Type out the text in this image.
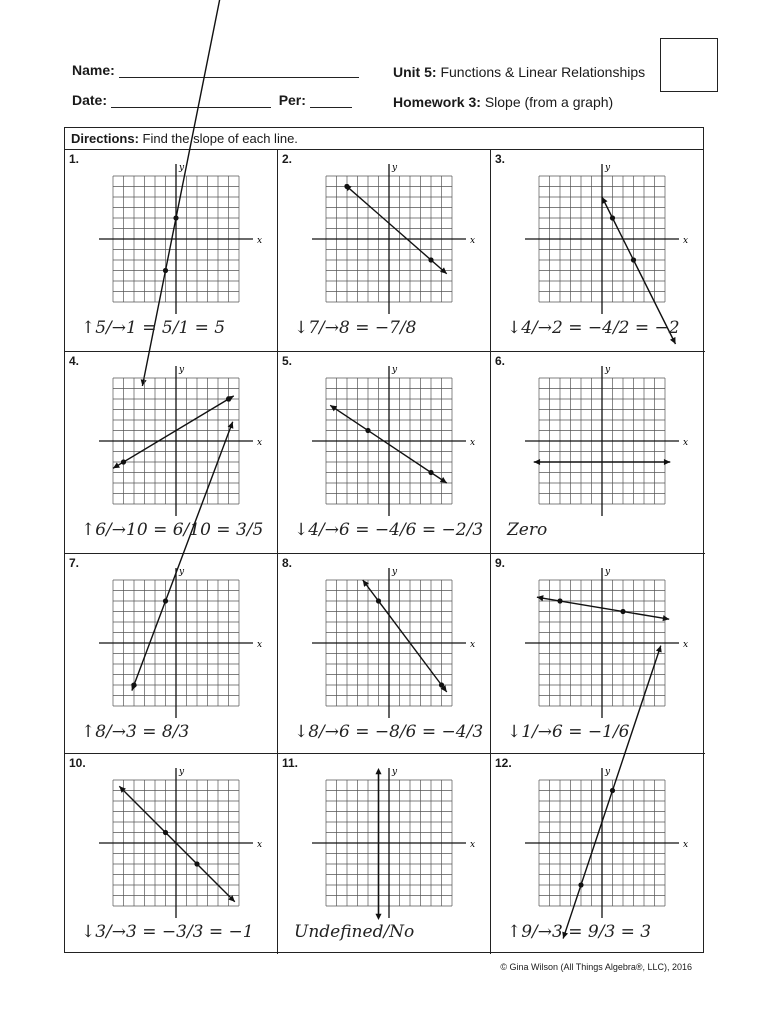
Name:
Date:	Per:
Unit 5: Functions & Linear Relationships
Homework 3: Slope (from a graph)
Directions: Find the slope of each line.
1.
x
y
↑5/→1 = 5/1 = 5
2.
x
y
↓7/→8 = −7/8
3.
x
y
↓4/→2 = −4/2 = −2
4.
x
y
↑6/→10 = 6/10 = 3/5
5.
x
y
↓4/→6 = −4/6 = −2/3
6.
x
y
Zero
7.
x
y
↑8/→3 = 8/3
8.
x
y
↓8/→6 = −8/6 = −4/3
9.
x
y
↓1/→6 = −1/6
10.
x
y
↓3/→3 = −3/3 = −1
11.
x
y
Undefined/No
12.
x
y
↑9/→3 = 9/3 = 3
© Gina Wilson (All Things Algebra®, LLC), 2016
